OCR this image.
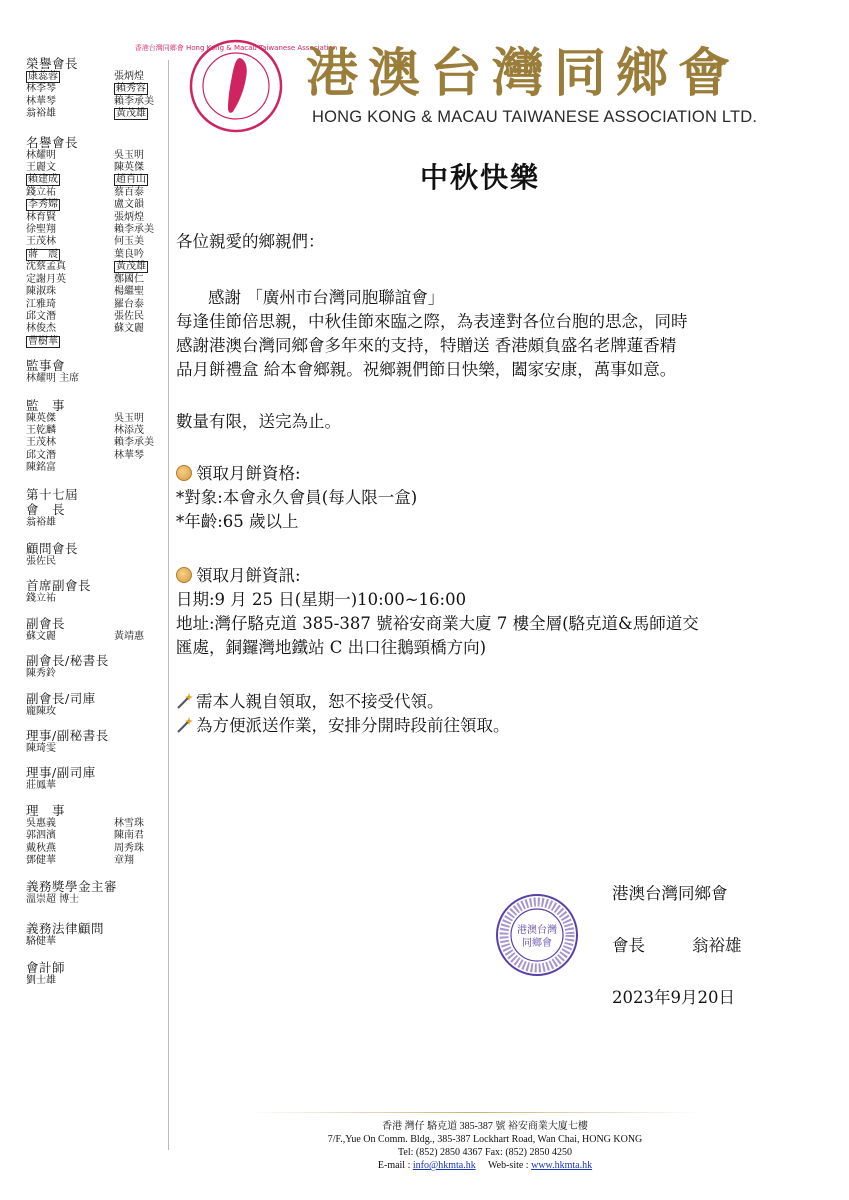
榮譽會長
康蕊蓉	張炳煌
林李琴	賴秀容
林華琴	賴李承美
翁裕雄	黃茂雄
名譽會長
林耀明	吳玉明
王麗文	陳英傑
賴建成	趙肖山
錢立祐	蔡百泰
李秀嫦	盧文韻
林育賢	張炳煌
徐聖翔	賴李承美
王茂林	何玉美
蔣　震	葉良吟
沈蔡孟真	黃茂雄
定謝月英	鄭國仁
陳淑珠	楊繼聖
江雅琦	羅台泰
邱文潛	張佐民
林俊杰	蘇文麗
曹樹華
監事會
林耀明 主席
監　事
陳英傑	吳玉明
王乾麟	林添茂
王茂林	賴李承美
邱文潛	林華琴
陳銘富
第十七屆
會　長
翁裕雄
顧問會長
張佐民
首席副會長
錢立祐
副會長
蘇文麗	黃靖惠
副會長/秘書長
陳秀鈴
副會長/司庫
龐陳玫
理事/副秘書長
陳琦雯
理事/副司庫
莊鳳華
理　事
吳惠義	林雪珠
郭泗濱	陳南君
戴秋燕	周秀珠
鄧健華	章翔
義務獎學金主審
溫崇超 博士
義務法律顧問
駱健華
會計師
劉士雄
香港台灣同鄉會 Hong Kong & Macau Taiwanese Association
港澳台灣同鄉會
HONG KONG & MACAU TAIWANESE ASSOCIATION LTD.
中秋快樂
各位親愛的鄉親們：
感謝 「廣州市台灣同胞聯誼會」
每逢佳節倍思親，中秋佳節來臨之際，為表達對各位台胞的思念，同時
感謝港澳台灣同鄉會多年來的支持，特贈送 香港頗負盛名老牌蓮香精
品月餅禮盒 給本會鄉親。祝鄉親們節日快樂，闔家安康，萬事如意。
數量有限，送完為止。
領取月餅資格:
*對象:本會永久會員(每人限一盒)
*年齡:65 歲以上
領取月餅資訊:
日期:9 月 25 日(星期一)10:00~16:00
地址:灣仔駱克道 385-387 號裕安商業大廈 7 樓全層(駱克道&馬師道交
匯處，銅鑼灣地鐵站 C 出口往鵝頸橋方向)
需本人親自領取，恕不接受代領。
為方便派送作業，安排分開時段前往領取。
港澳台灣同鄉會
會長	翁裕雄
2023年9月20日
港澳台灣
同鄉會
香港 灣仔 駱克道 385-387 號 裕安商業大廈七樓
7/F.,Yue On Comm. Bldg., 385-387 Lockhart Road, Wan Chai, HONG KONG
Tel: (852) 2850 4367 Fax: (852) 2850 4250
E-mail : info@hkmta.hk Web-site : www.hkmta.hk
